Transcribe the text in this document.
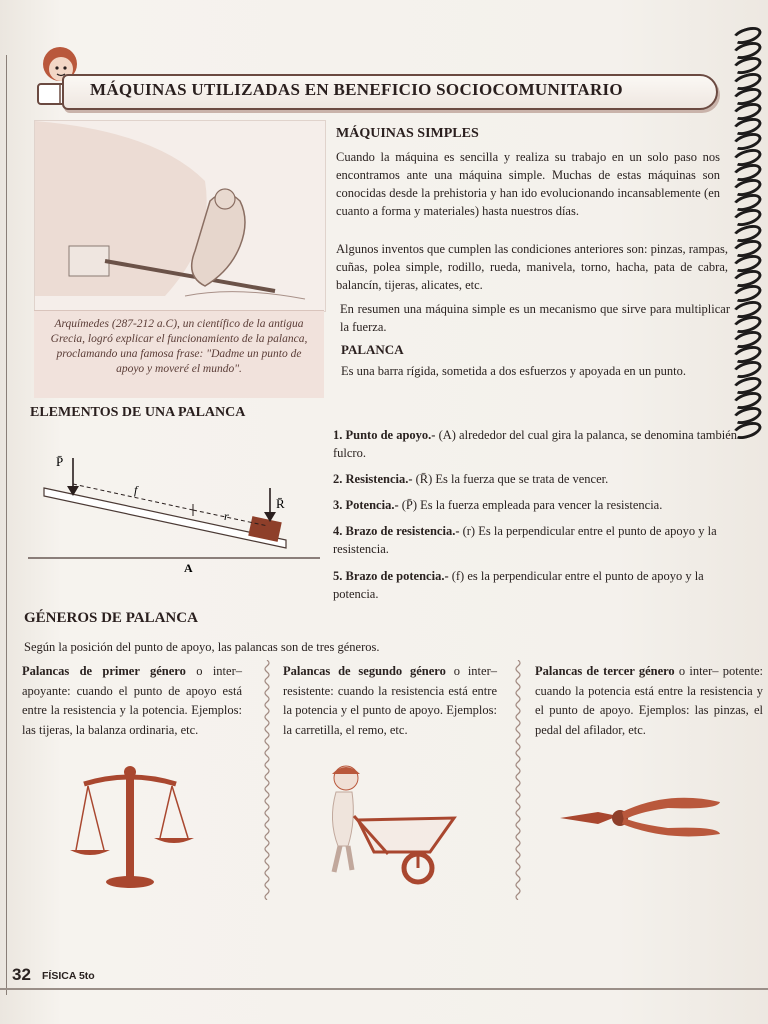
MÁQUINAS UTILIZADAS EN BENEFICIO SOCIOCOMUNITARIO
Arquímedes (287-212 a.C), un científico de la antigua Grecia, logró explicar el funcionamiento de la palanca, proclamando una famosa frase: "Dadme un punto de apoyo y moveré el mundo".
MÁQUINAS SIMPLES
Cuando la máquina es sencilla y realiza su trabajo en un solo paso nos encontramos ante una máquina simple. Muchas de estas máquinas son conocidas desde la prehistoria y han ido evolucionando incansablemente (en cuanto a forma y materiales) hasta nuestros días.
Algunos inventos que cumplen las condiciones anteriores son: pinzas, rampas, cuñas, polea simple, rodillo, rueda, manivela, torno, hacha, pata de cabra, balancín, tijeras, alicates, etc.
En resumen una máquina simple es un mecanismo que sirve para multiplicar la fuerza.
PALANCA
Es una barra rígida, sometida a dos esfuerzos y apoyada en un punto.
ELEMENTOS DE UNA PALANCA
1. Punto de apoyo.- (A) alrededor del cual gira la palanca, se denomina también fulcro.
2. Resistencia.- (R̄) Es la fuerza que se trata de vencer.
3. Potencia.- (P̄) Es la fuerza empleada para vencer la resistencia.
4. Brazo de resistencia.- (r) Es la perpendicular entre el punto de apoyo y la resistencia.
5. Brazo de potencia.- (f) es la perpendicular entre el punto de apoyo y la potencia.
P̄
R̄
f
r
A
GÉNEROS DE PALANCA
Según la posición del punto de apoyo, las palancas son de tres géneros.
Palancas de primer género o inter–apoyante: cuando el punto de apoyo está entre la resistencia y la potencia. Ejemplos: las tijeras, la balanza ordinaria, etc.
Palancas de segundo género o inter–resistente: cuando la resistencia está entre la potencia y el punto de apoyo. Ejemplos: la carretilla, el remo, etc.
Palancas de tercer género o inter– potente: cuando la potencia está entre la resistencia y el punto de apoyo. Ejemplos: las pinzas, el pedal del afilador, etc.
32 FÍSICA 5to
